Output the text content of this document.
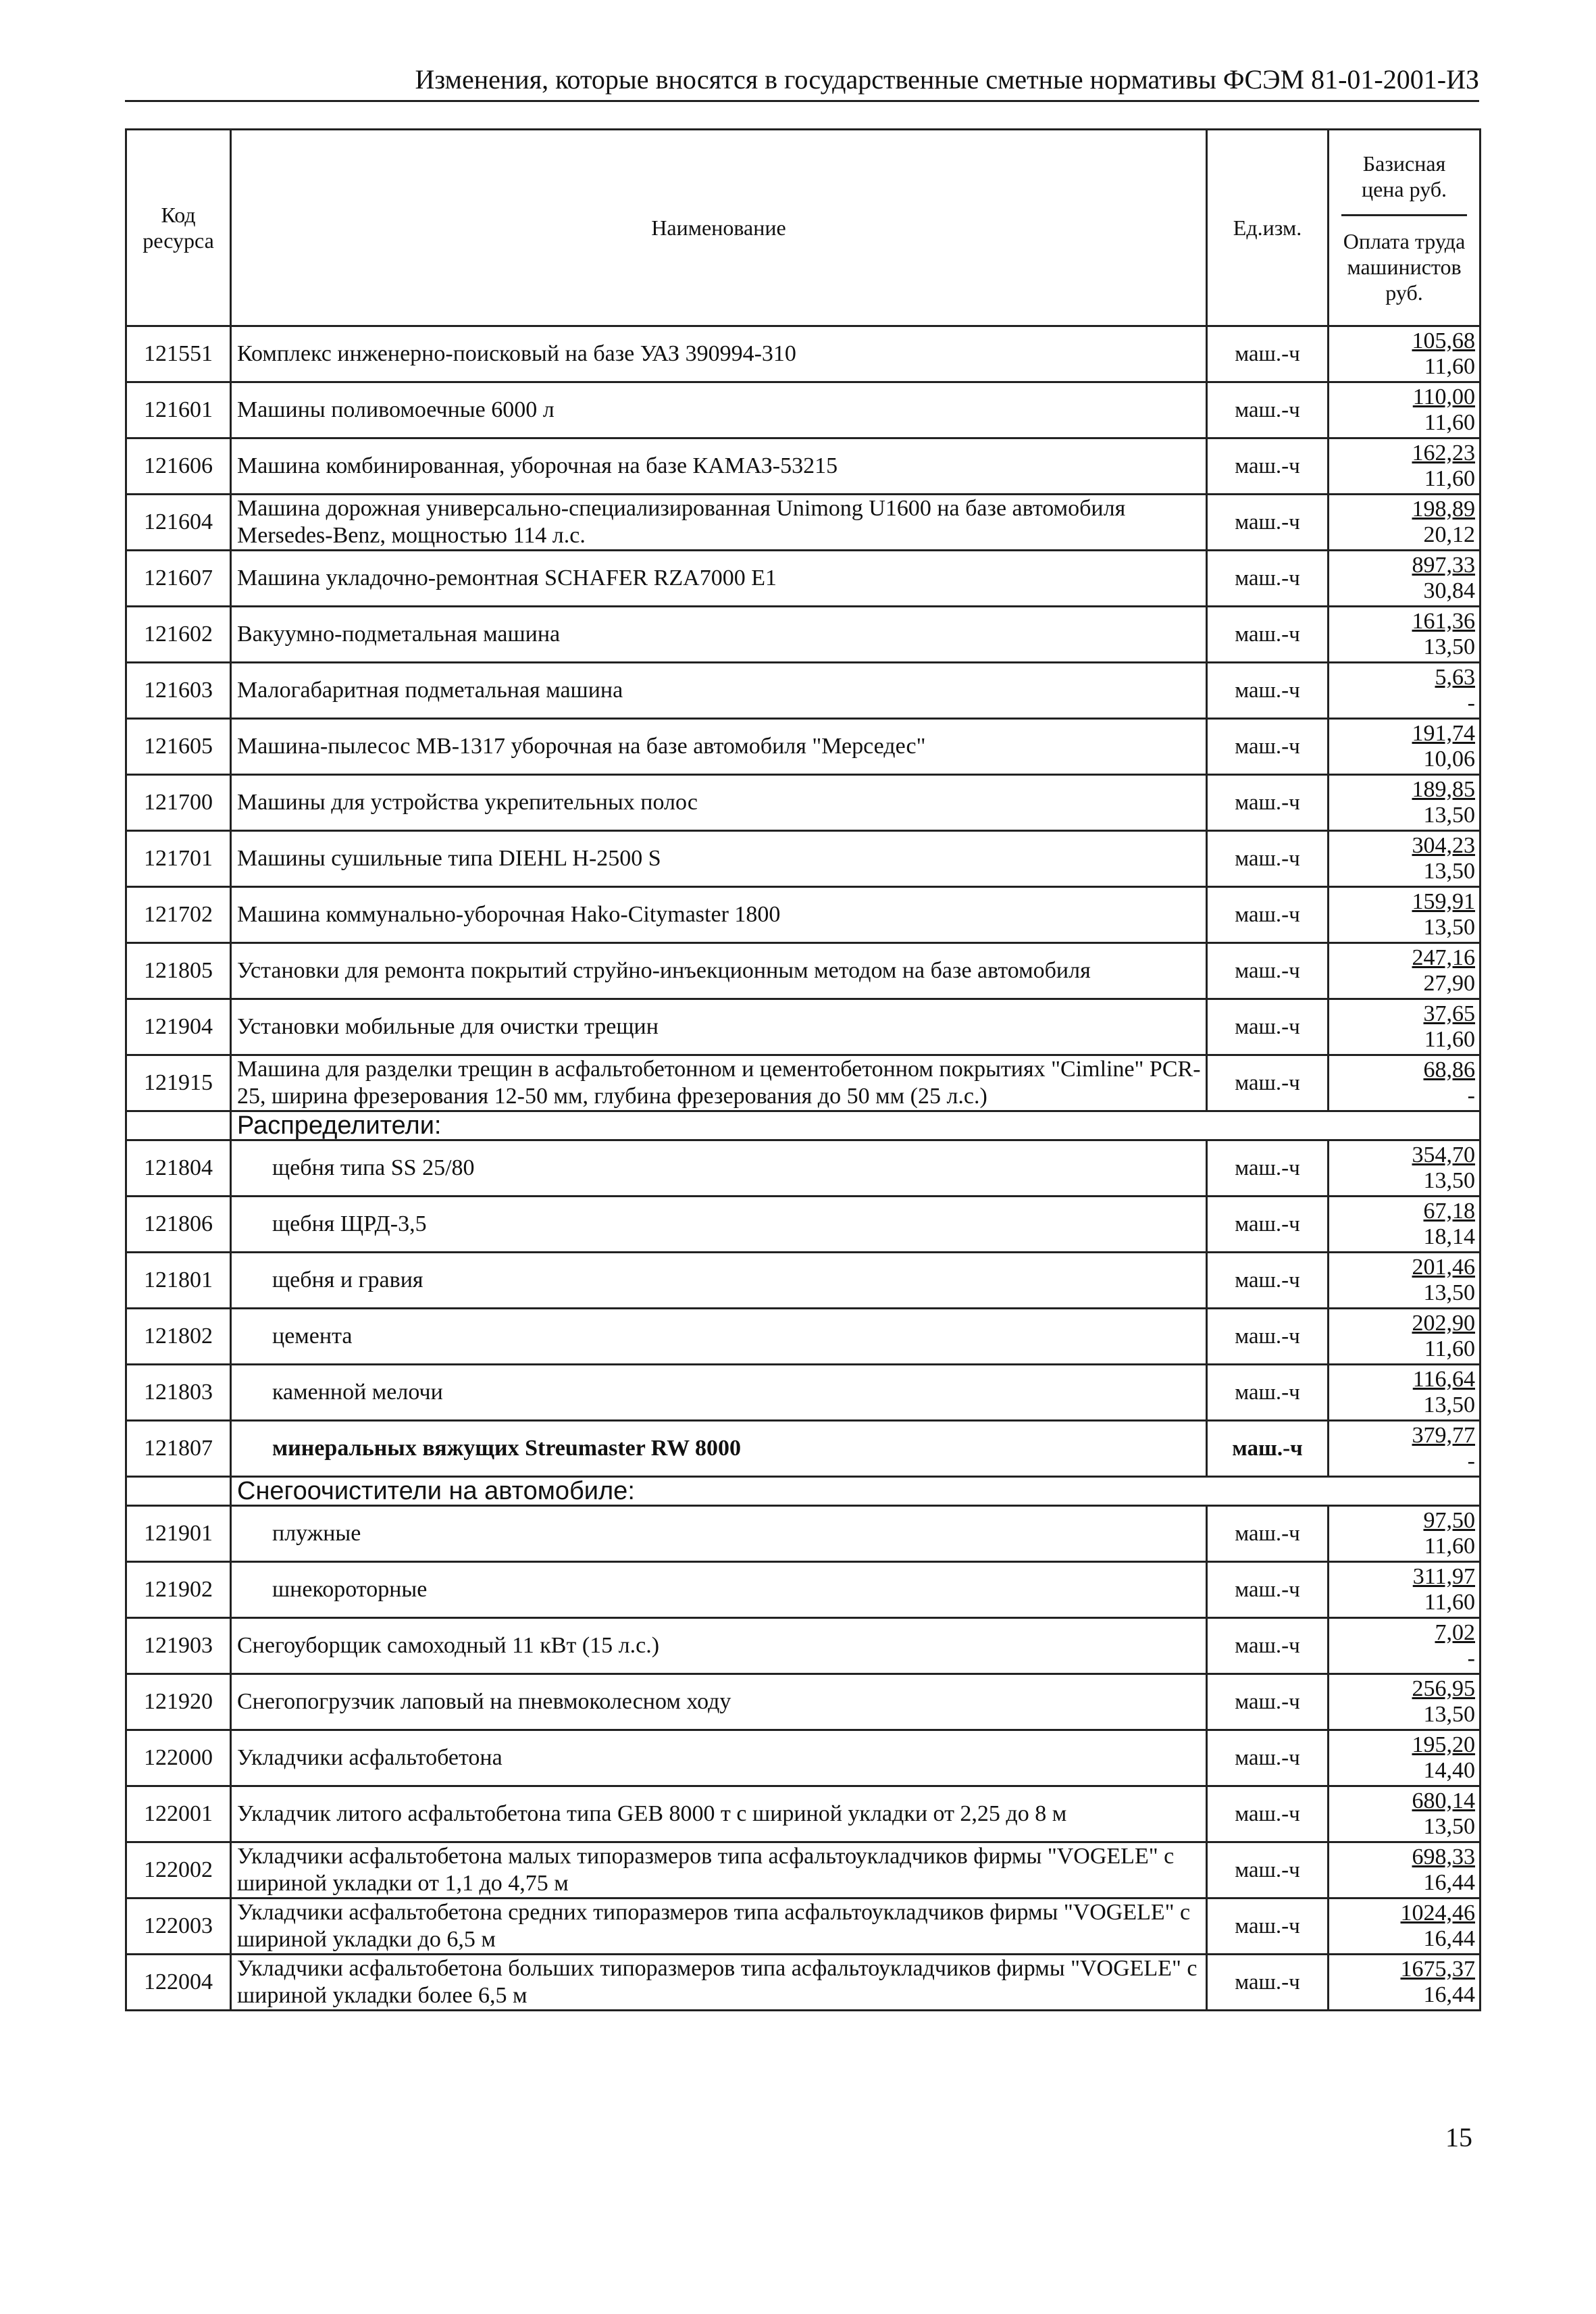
Изменения, которые вносятся в государственные сметные нормативы ФСЭМ 81-01-2001-ИЗ
Код ресурса	Наименование	Ед.изм.	Базисная цена руб.
Оплата труда машинистов руб.

121551	Комплекс инженерно-поисковый на базе УАЗ 390994-310	маш.-ч	105,68
11,60

121601	Машины поливомоечные 6000 л	маш.-ч	110,00
11,60

121606	Машина комбинированная, уборочная на базе КАМАЗ-53215	маш.-ч	162,23
11,60

121604	Машина дорожная универсально-специализированная Unimong U1600 на базе автомобиля Mersedes-Benz, мощностью 114 л.с.	маш.-ч	198,89
20,12

121607	Машина укладочно-ремонтная SCHAFER RZA7000 E1	маш.-ч	897,33
30,84

121602	Вакуумно-подметальная машина	маш.-ч	161,36
13,50

121603	Малогабаритная подметальная машина	маш.-ч	5,63
-

121605	Машина-пылесос МВ-1317 уборочная на базе автомобиля "Мерседес"	маш.-ч	191,74
10,06

121700	Машины для устройства укрепительных полос	маш.-ч	189,85
13,50

121701	Машины сушильные типа DIEHL H-2500 S	маш.-ч	304,23
13,50

121702	Машина коммунально-уборочная Hako-Citymaster 1800	маш.-ч	159,91
13,50

121805	Установки для ремонта покрытий струйно-инъекционным методом на базе автомобиля	маш.-ч	247,16
27,90

121904	Установки мобильные для очистки трещин	маш.-ч	37,65
11,60

121915	Машина для разделки трещин в асфальтобетонном и цементобетонном покрытиях "Cimline" PCR-25, ширина фрезерования 12-50 мм, глубина фрезерования до 50 мм (25 л.с.)	маш.-ч	68,86
-

	Распределители:		
121804	щебня типа SS 25/80	маш.-ч	354,70
13,50

121806	щебня ЩРД-3,5	маш.-ч	67,18
18,14

121801	щебня и гравия	маш.-ч	201,46
13,50

121802	цемента	маш.-ч	202,90
11,60

121803	каменной мелочи	маш.-ч	116,64
13,50

121807	минеральных вяжущих Streumaster RW 8000	маш.-ч	379,77
-

	Снегоочистители на автомобиле:		
121901	плужные	маш.-ч	97,50
11,60

121902	шнекороторные	маш.-ч	311,97
11,60

121903	Снегоуборщик самоходный 11 кВт (15 л.с.)	маш.-ч	7,02
-

121920	Снегопогрузчик лаповый на пневмоколесном ходу	маш.-ч	256,95
13,50

122000	Укладчики асфальтобетона	маш.-ч	195,20
14,40

122001	Укладчик литого асфальтобетона типа GEB 8000 т с шириной укладки от 2,25 до 8 м	маш.-ч	680,14
13,50

122002	Укладчики асфальтобетона малых типоразмеров типа асфальтоукладчиков фирмы "VOGELE" с шириной укладки от 1,1 до 4,75 м	маш.-ч	698,33
16,44

122003	Укладчики асфальтобетона средних типоразмеров типа асфальтоукладчиков фирмы "VOGELE" с шириной укладки до 6,5 м	маш.-ч	1024,46
16,44

122004	Укладчики асфальтобетона больших типоразмеров типа асфальтоукладчиков фирмы "VOGELE" с шириной укладки более 6,5 м	маш.-ч	1675,37
16,44
15
